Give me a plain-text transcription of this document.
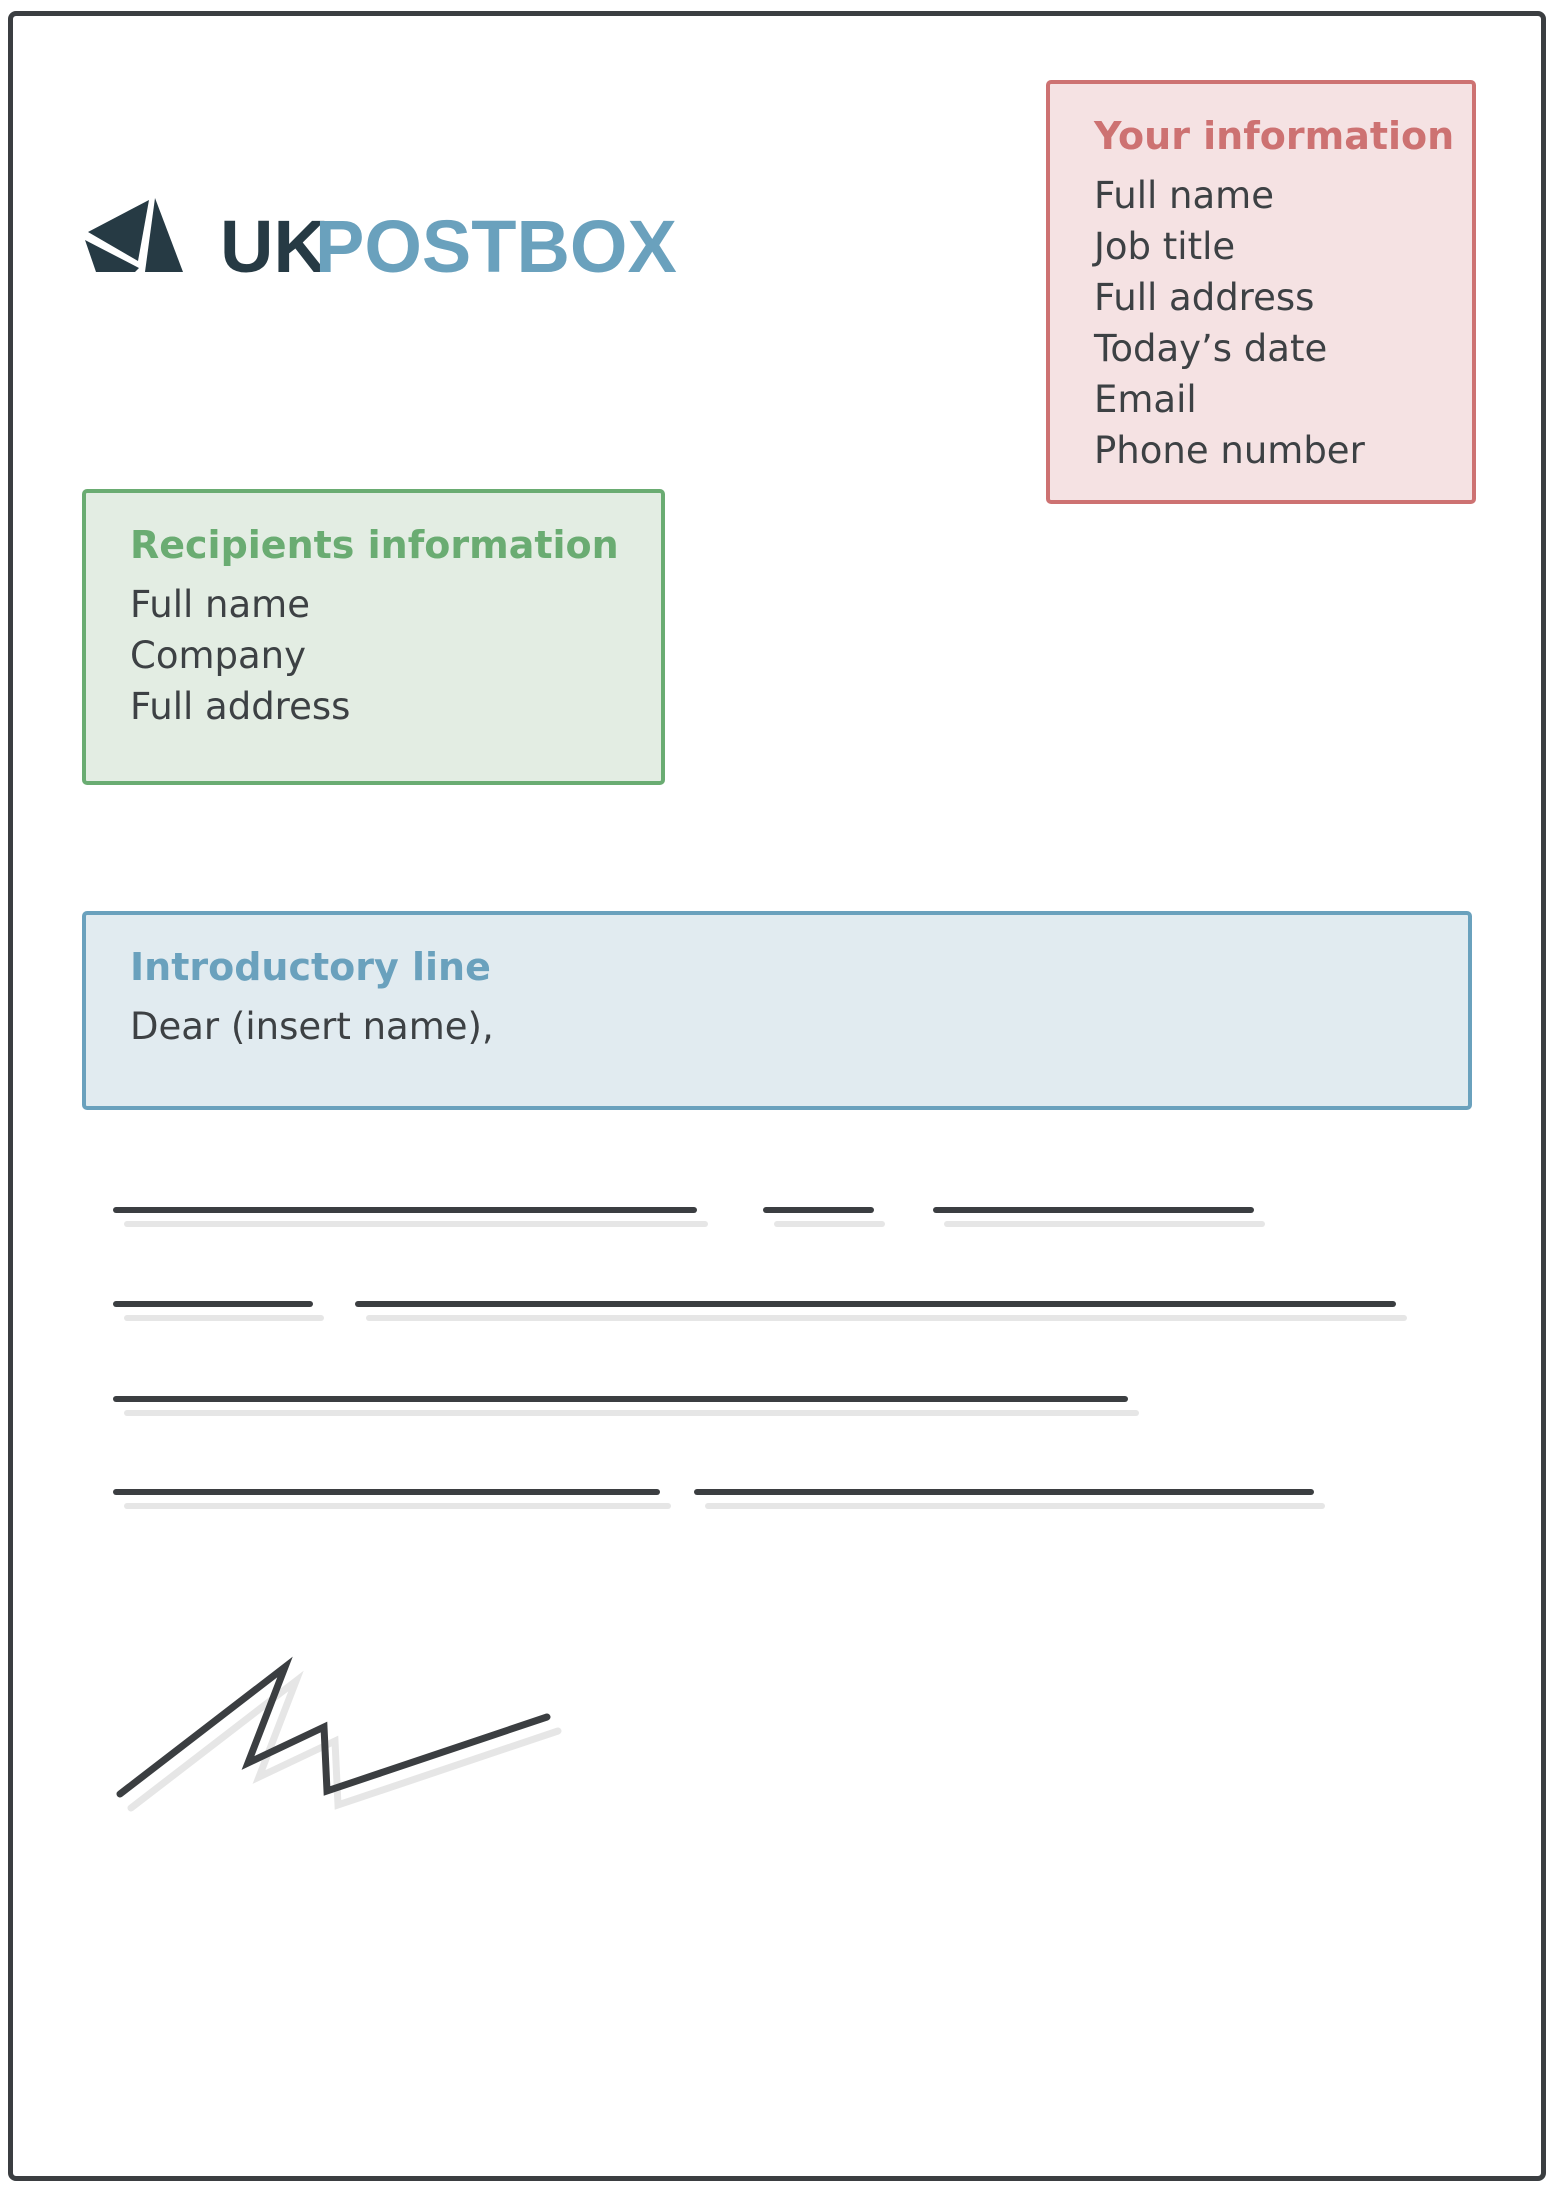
UK
POSTBOX
Your information
Full name
Job title
Full address
Today’s date
Email
Phone number
Recipients information
Full name
Company
Full address
Introductory line
Dear (insert name),
